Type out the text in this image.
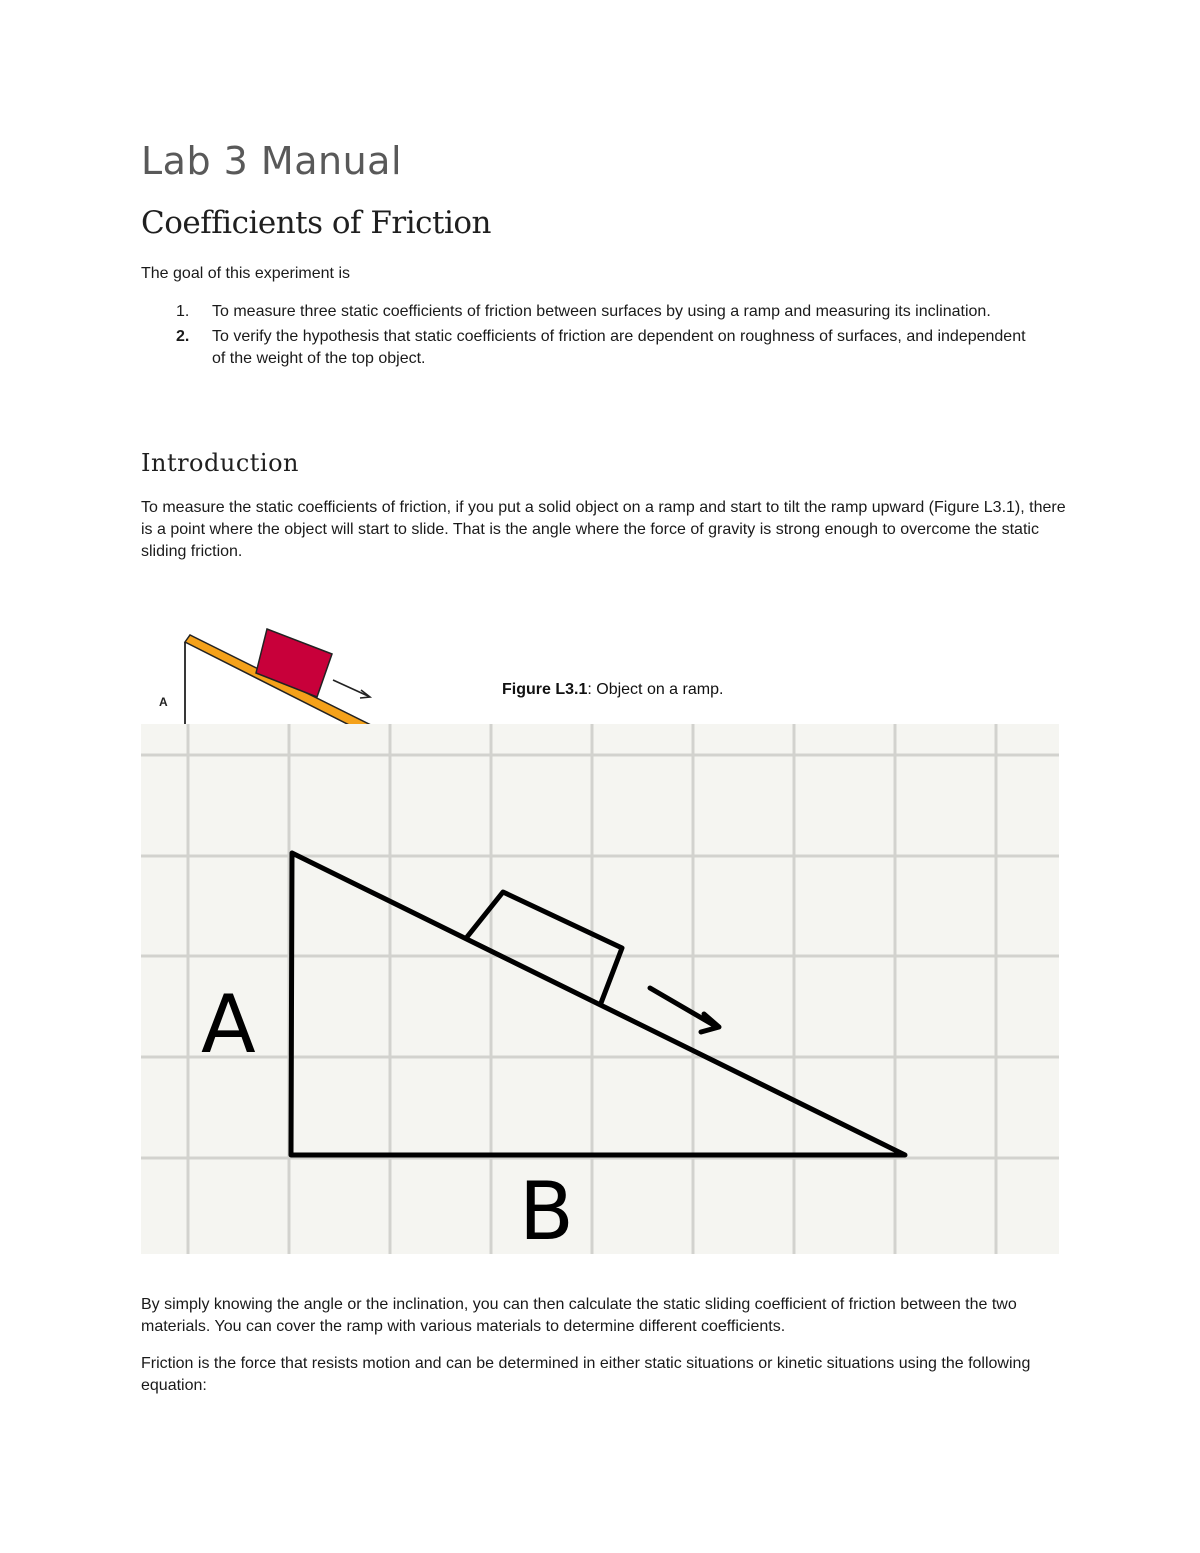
Lab 3 Manual
Coefficients of Friction
The goal of this experiment is
1. To measure three static coefficients of friction between surfaces by using a ramp and measuring its inclination.
2. To verify the hypothesis that static coefficients of friction are dependent on roughness of surfaces, and independent of the weight of the top object.
Introduction

To measure the static coefficients of friction, if you put a solid object on a ramp and start to tilt the ramp upward (Figure L3.1), there is a point where the object will start to slide. That is the angle where the force of gravity is strong enough to overcome the static sliding friction.

A
Figure L3.1: Object on a ramp.
A
B

By simply knowing the angle or the inclination, you can then calculate the static sliding coefficient of friction between the two materials. You can cover the ramp with various materials to determine different coefficients.

Friction is the force that resists motion and can be determined in either static situations or kinetic situations using the following equation:
